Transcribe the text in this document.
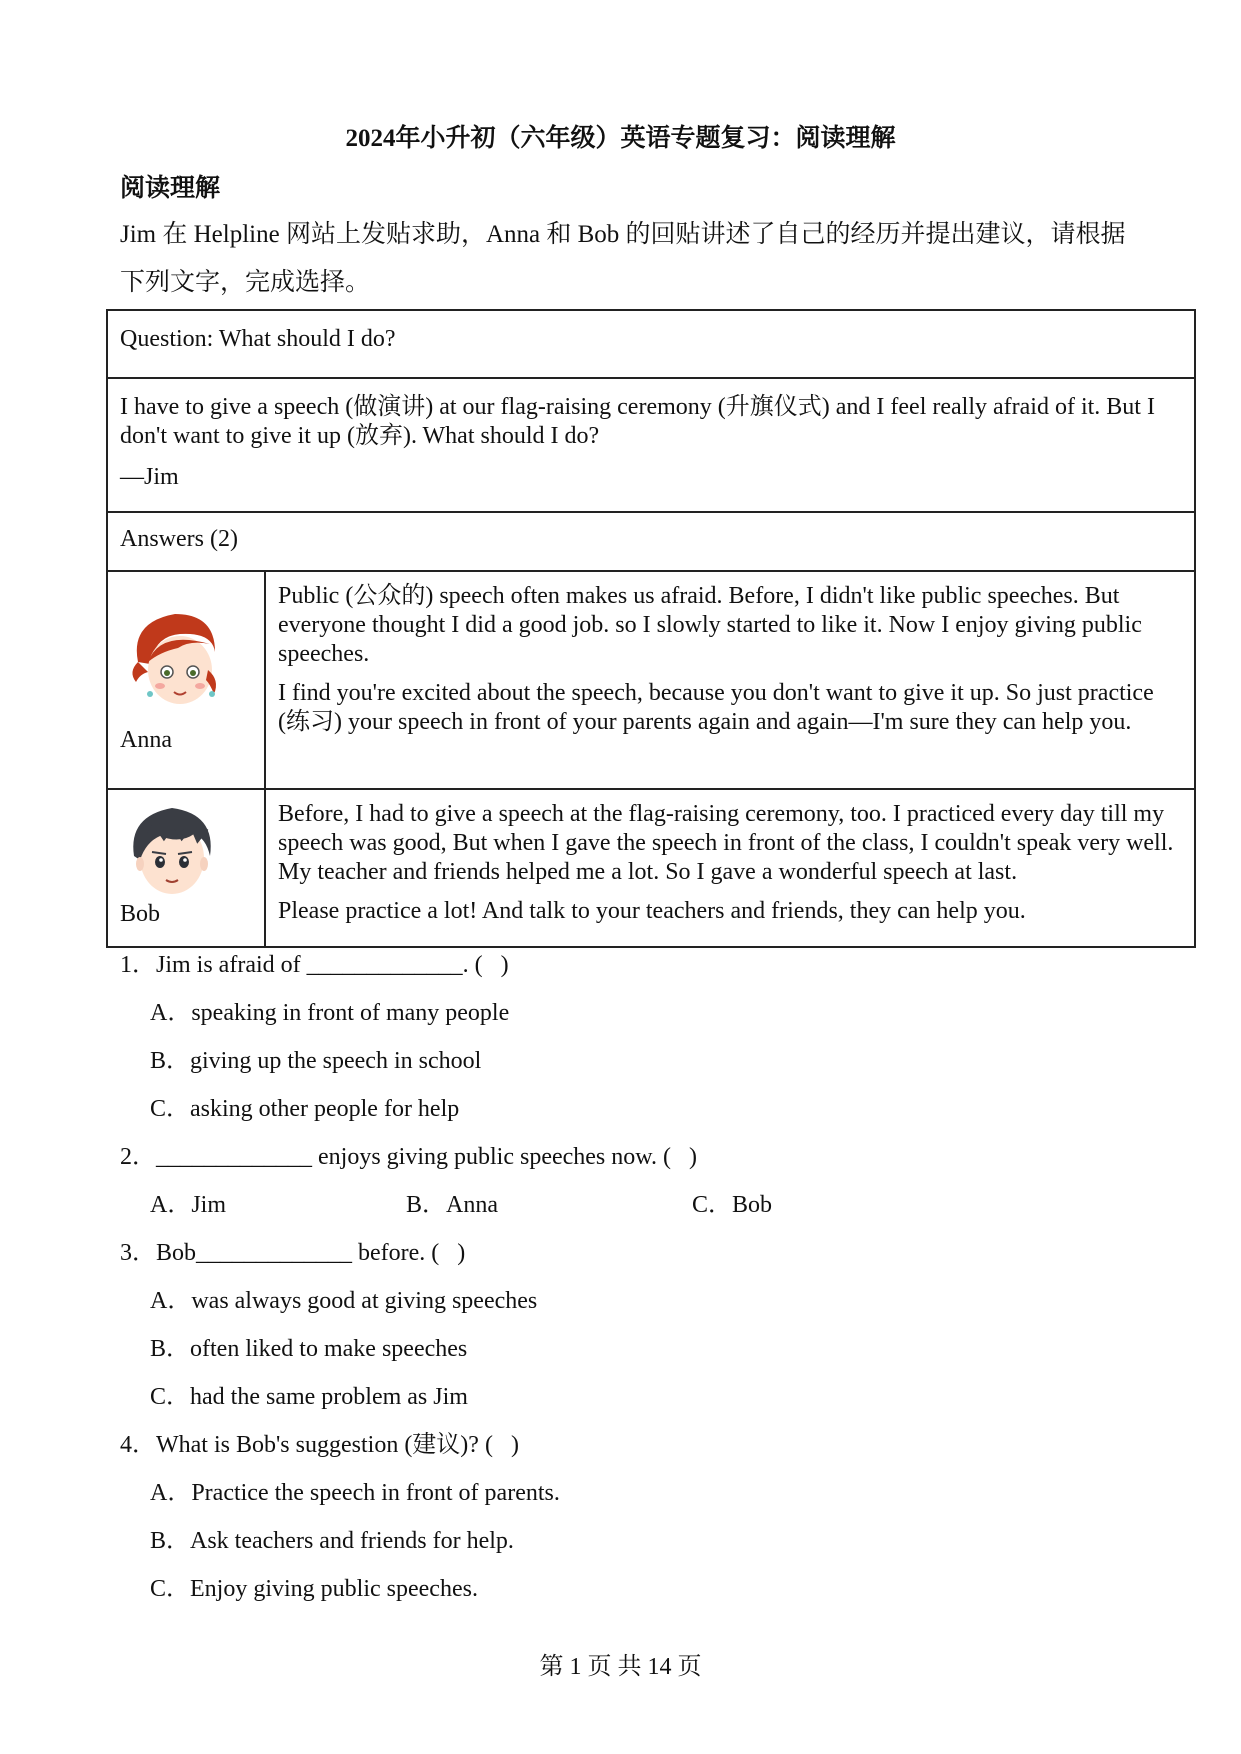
2024年小升初（六年级）英语专题复习：阅读理解
阅读理解
Jim 在 Helpline 网站上发贴求助，Anna 和 Bob 的回贴讲述了自己的经历并提出建议，请根据
下列文字，完成选择。
Question: What should I do?	

I have to give a speech (做演讲) at our flag-raising ceremony (升旗仪式) and I feel really afraid of it. But I don't want to give it up (放弃). What should I do?

—Jim	

Answers (2)	

Anna	Public (公众的) speech often makes us afraid. Before, I didn't like public speeches. But everyone thought I did a good job. so I slowly started to like it. Now I enjoy giving public speeches.

I find you're excited about the speech, because you don't want to give it up. So just practice (练习) your speech in front of your parents again and again—I'm sure they can help you.

Bob	Before, I had to give a speech at the flag-raising ceremony, too. I practiced every day till my speech was good, But when I gave the speech in front of the class, I couldn't speak very well. My teacher and friends helped me a lot. So I gave a wonderful speech at last.

Please practice a lot! And talk to your teachers and friends, they can help you.

1．Jim is afraid of _____________. (   )
A．speaking in front of many people
B．giving up the speech in school
C．asking other people for help
2．_____________ enjoys giving public speeches now. (   )
A．Jim	B．Anna	C．Bob
3．Bob_____________ before. (   )
A．was always good at giving speeches
B．often liked to make speeches
C．had the same problem as Jim
4．What is Bob's suggestion (建议)? (   )
A．Practice the speech in front of parents.
B．Ask teachers and friends for help.
C．Enjoy giving public speeches.
第 1 页 共 14 页
